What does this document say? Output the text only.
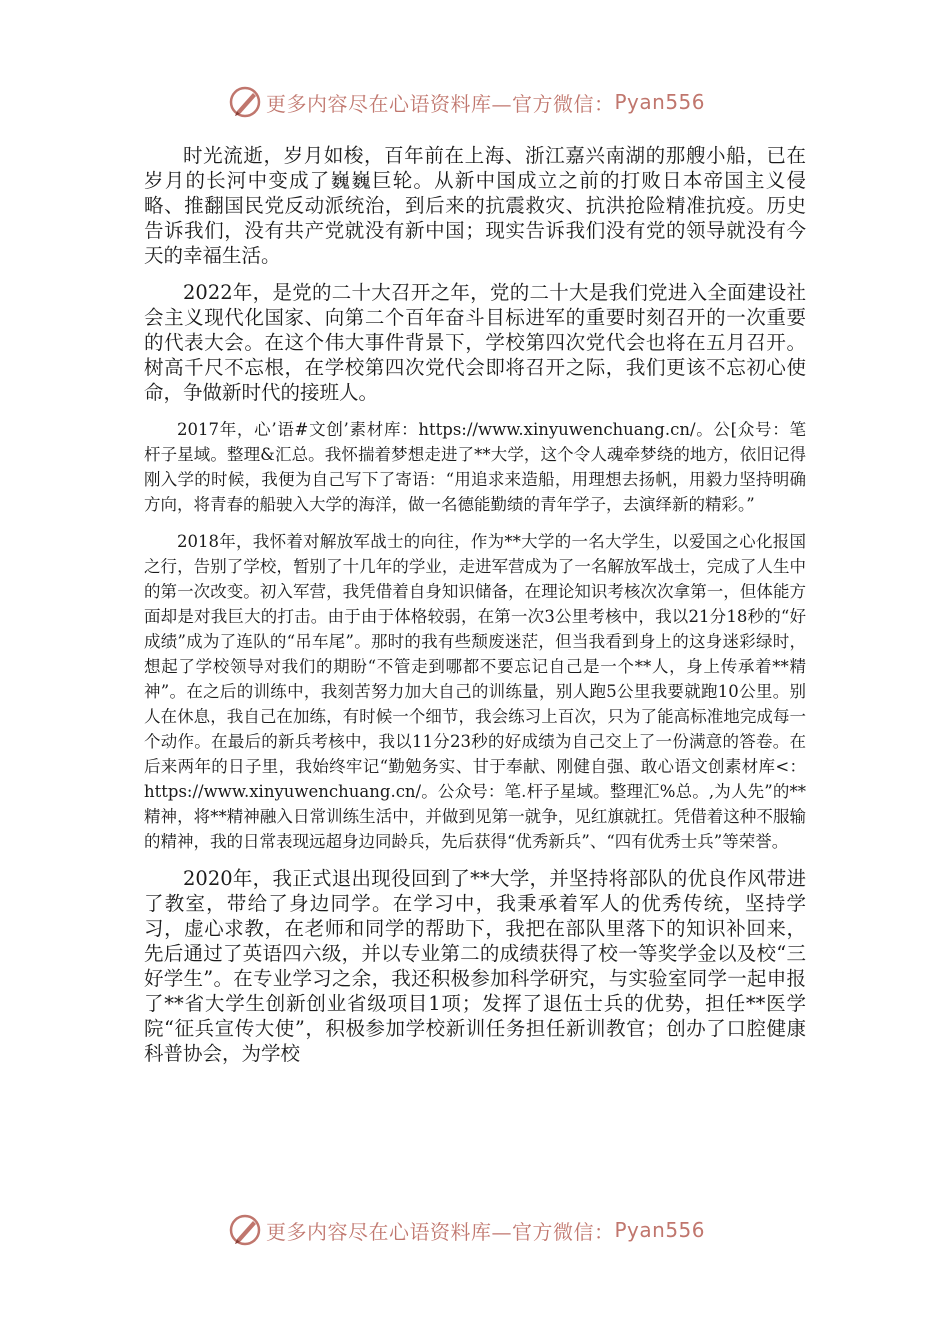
更多内容尽在心语资料库—官方微信： Pyan556

时光流逝，岁月如梭，百年前在上海、浙江嘉兴南湖的那艘小船，已在岁月的长河中变成了巍巍巨轮。从新中国成立之前的打败日本帝国主义侵略、推翻国民党反动派统治，到后来的抗震救灾、抗洪抢险精准抗疫。历史告诉我们，没有共产党就没有新中国；现实告诉我们没有党的领导就没有今天的幸福生活。

2022年，是党的二十大召开之年，党的二十大是我们党进入全面建设社会主义现代化国家、向第二个百年奋斗目标进军的重要时刻召开的一次重要的代表大会。在这个伟大事件背景下，学校第四次党代会也将在五月召开。树高千尺不忘根，在学校第四次党代会即将召开之际，我们更该不忘初心使命，争做新时代的接班人。

2017年，心’语#文创’素材库：https://www.xinyuwenchuang.cn/。公[众号：笔杆子星域。整理&汇总。我怀揣着梦想走进了**大学，这个令人魂牵梦绕的地方，依旧记得刚入学的时候，我便为自己写下了寄语：“用追求来造船，用理想去扬帆，用毅力坚持明确方向，将青春的船驶入大学的海洋，做一名德能勤绩的青年学子，去演绎新的精彩。”

2018年，我怀着对解放军战士的向往，作为**大学的一名大学生，以爱国之心化报国之行，告别了学校，暂别了十几年的学业，走进军营成为了一名解放军战士，完成了人生中的第一次改变。初入军营，我凭借着自身知识储备，在理论知识考核次次拿第一，但体能方面却是对我巨大的打击。由于由于体格较弱，在第一次3公里考核中，我以21分18秒的“好成绩”成为了连队的“吊车尾”。那时的我有些颓废迷茫，但当我看到身上的这身迷彩绿时，想起了学校领导对我们的期盼“不管走到哪都不要忘记自己是一个**人，身上传承着**精神”。在之后的训练中，我刻苦努力加大自己的训练量，别人跑5公里我要就跑10公里。别人在休息，我自己在加练，有时候一个细节，我会练习上百次，只为了能高标准地完成每一个动作。在最后的新兵考核中，我以11分23秒的好成绩为自己交上了一份满意的答卷。在后来两年的日子里，我始终牢记“勤勉务实、甘于奉献、刚健自强、敢心语文创素材库<：https://www.xinyuwenchuang.cn/。公众号：笔.杆子星域。整理汇%总。,为人先”的**精神，将**精神融入日常训练生活中，并做到见第一就争，见红旗就扛。凭借着这种不服输的精神，我的日常表现远超身边同龄兵，先后获得“优秀新兵”、“四有优秀士兵”等荣誉。

2020年，我正式退出现役回到了**大学，并坚持将部队的优良作风带进了教室，带给了身边同学。在学习中，我秉承着军人的优秀传统，坚持学习，虚心求教，在老师和同学的帮助下，我把在部队里落下的知识补回来，先后通过了英语四六级，并以专业第二的成绩获得了校一等奖学金以及校“三好学生”。在专业学习之余，我还积极参加科学研究，与实验室同学一起申报了**省大学生创新创业省级项目1项；发挥了退伍士兵的优势，担任**医学院“征兵宣传大使”，积极参加学校新训任务担任新训教官；创办了口腔健康科普协会，为学校

更多内容尽在心语资料库—官方微信： Pyan556
